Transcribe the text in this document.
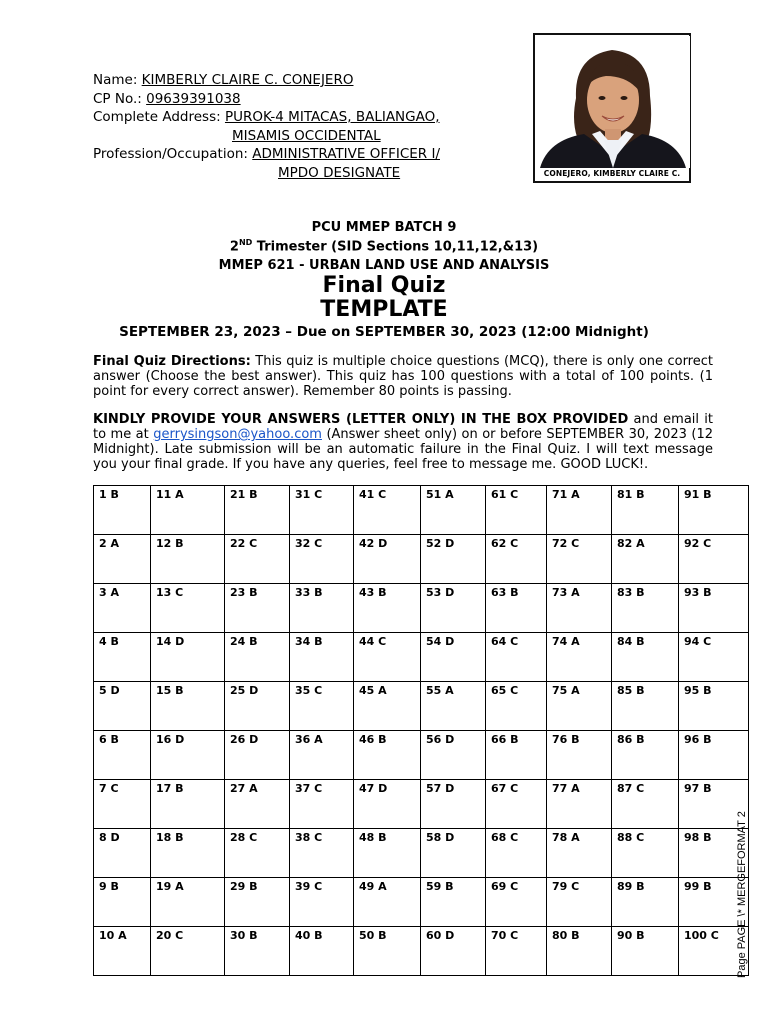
Name: KIMBERLY CLAIRE C. CONEJERO
CP No.: 09639391038
Complete Address: PUROK-4 MITACAS, BALIANGAO,
MISAMIS OCCIDENTAL
Profession/Occupation: ADMINISTRATIVE OFFICER I/
MPDO DESIGNATE	CONEJERO, KIMBERLY CLAIRE C.
PCU MMEP BATCH 9
2ND Trimester (SID Sections 10,11,12,&13)
MMEP 621 - URBAN LAND USE AND ANALYSIS
Final Quiz
TEMPLATE
SEPTEMBER 23, 2023 – Due on SEPTEMBER 30, 2023 (12:00 Midnight)
Final Quiz Directions: This quiz is multiple choice questions (MCQ), there is only one correct answer (Choose the best answer). This quiz has 100 questions with a total of 100 points. (1 point for every correct answer). Remember 80 points is passing.
KINDLY PROVIDE YOUR ANSWERS (LETTER ONLY) IN THE BOX PROVIDED and email it to me at gerrysingson@yahoo.com (Answer sheet only) on or before SEPTEMBER 30, 2023 (12 Midnight). Late submission will be an automatic failure in the Final Quiz. I will text message you your final grade. If you have any queries, feel free to message me. GOOD LUCK!.
1 B	11 A	21 B	31 C	41 C	51 A	61 C	71 A	81 B	91 B
2 A	12 B	22 C	32 C	42 D	52 D	62 C	72 C	82 A	92 C
3 A	13 C	23 B	33 B	43 B	53 D	63 B	73 A	83 B	93 B
4 B	14 D	24 B	34 B	44 C	54 D	64 C	74 A	84 B	94 C
5 D	15 B	25 D	35 C	45 A	55 A	65 C	75 A	85 B	95 B
6 B	16 D	26 D	36 A	46 B	56 D	66 B	76 B	86 B	96 B
7 C	17 B	27 A	37 C	47 D	57 D	67 C	77 A	87 C	97 B
8 D	18 B	28 C	38 C	48 B	58 D	68 C	78 A	88 C	98 B
9 B	19 A	29 B	39 C	49 A	59 B	69 C	79 C	89 B	99 B
10 A	20 C	30 B	40 B	50 B	60 D	70 C	80 B	90 B	100 C Page PAGE \* MERGEFORMAT 2
